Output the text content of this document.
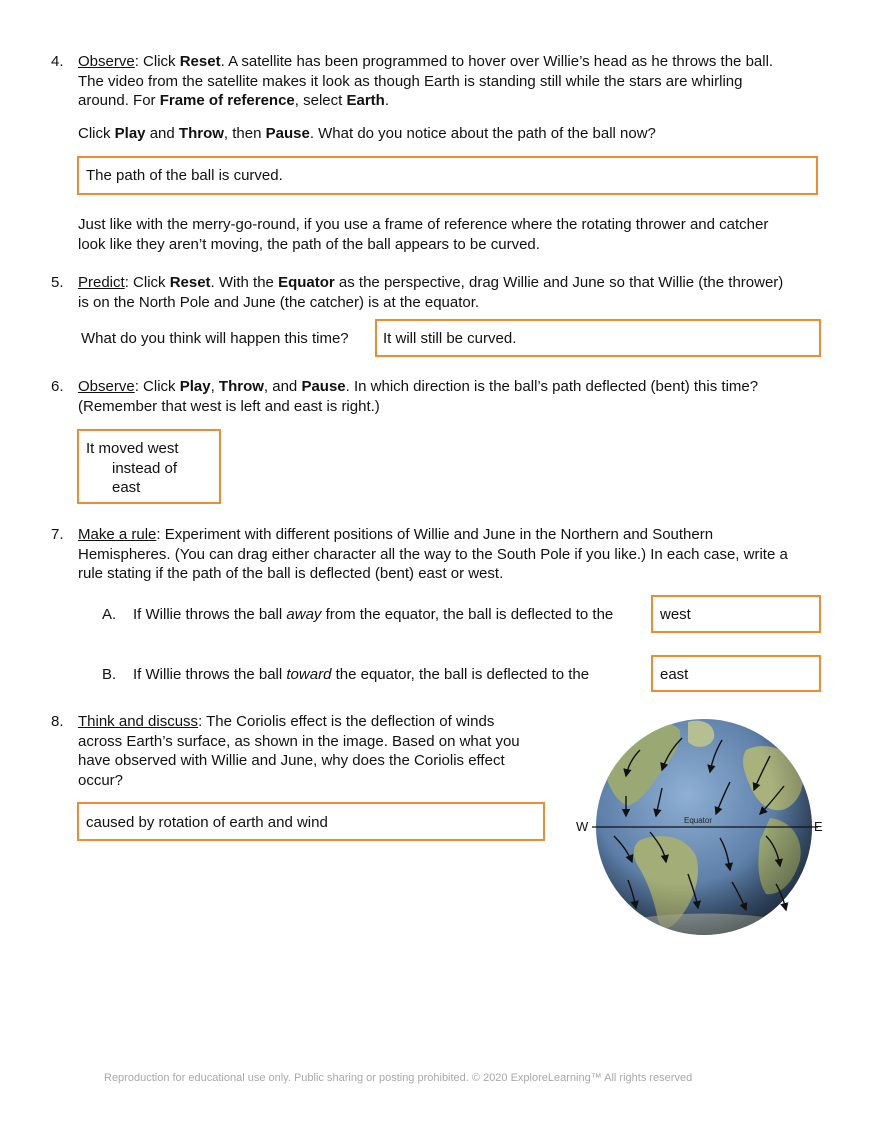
4. Observe: Click Reset. A satellite has been programmed to hover over Willie’s head as he throws the ball.
The video from the satellite makes it look as though Earth is standing still while the stars are whirling
around. For Frame of reference, select Earth.
Click Play and Throw, then Pause. What do you notice about the path of the ball now?
The path of the ball is curved.
Just like with the merry-go-round, if you use a frame of reference where the rotating thrower and catcher
look like they aren’t moving, the path of the ball appears to be curved.
5. Predict: Click Reset. With the Equator as the perspective, drag Willie and June so that Willie (the thrower)
is on the North Pole and June (the catcher) is at the equator.
What do you think will happen this time? It will still be curved.
6. Observe: Click Play, Throw, and Pause. In which direction is the ball’s path deflected (bent) this time?
(Remember that west is left and east is right.)
It moved west
instead of
east
7. Make a rule: Experiment with different positions of Willie and June in the Northern and Southern
Hemispheres. (You can drag either character all the way to the South Pole if you like.) In each case, write a
rule stating if the path of the ball is deflected (bent) east or west.
A. If Willie throws the ball away from the equator, the ball is deflected to the	west
B. If Willie throws the ball toward the equator, the ball is deflected to the	east
8. Think and discuss: The Coriolis effect is the deflection of winds
across Earth’s surface, as shown in the image. Based on what you
have observed with Willie and June, why does the Coriolis effect
occur?
caused by rotation of earth and wind	Equator
W	E
Reproduction for educational use only. Public sharing or posting prohibited. © 2020 ExploreLearning™ All rights reserved
